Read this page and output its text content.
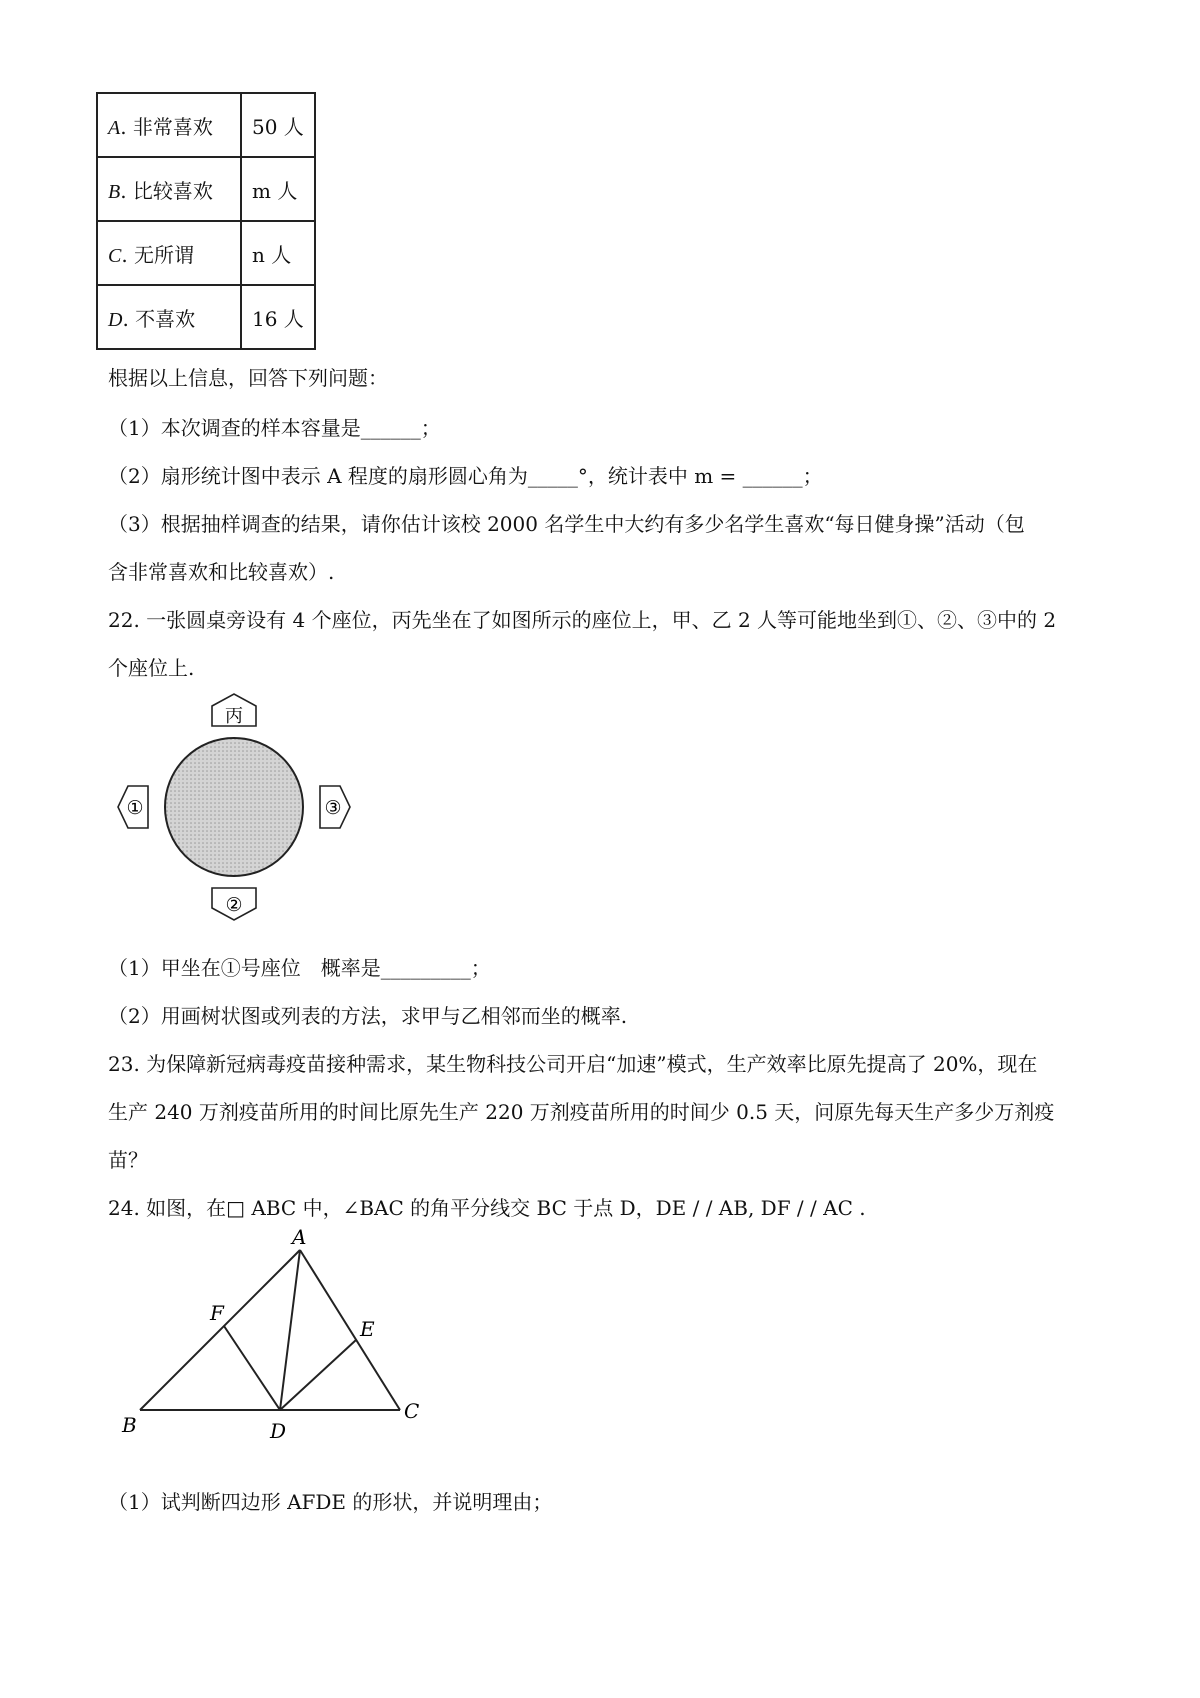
A. 非常喜欢	50 人
B. 比较喜欢	m 人
C. 无所谓	n 人
D. 不喜欢	16 人
根据以上信息，回答下列问题：
（1）本次调查的样本容量是______；
（2）扇形统计图中表示 A 程度的扇形圆心角为_____°，统计表中 m = ______；
（3）根据抽样调查的结果，请你估计该校 2000 名学生中大约有多少名学生喜欢“每日健身操”活动（包
含非常喜欢和比较喜欢）.
22. 一张圆桌旁设有 4 个座位，丙先坐在了如图所示的座位上，甲、乙 2 人等可能地坐到①、②、③中的 2
个座位上.
丙
①	③
②
（1）甲坐在①号座位　概率是_________；
（2）用画树状图或列表的方法，求甲与乙相邻而坐的概率.
23. 为保障新冠病毒疫苗接种需求，某生物科技公司开启“加速”模式，生产效率比原先提高了 20%，现在
生产 240 万剂疫苗所用的时间比原先生产 220 万剂疫苗所用的时间少 0.5 天，问原先每天生产多少万剂疫
苗？
24. 如图，在□ ABC 中，∠BAC 的角平分线交 BC 于点 D，DE / / AB, DF / / AC .
A
B
C
D
E
F
（1）试判断四边形 AFDE 的形状，并说明理由；
